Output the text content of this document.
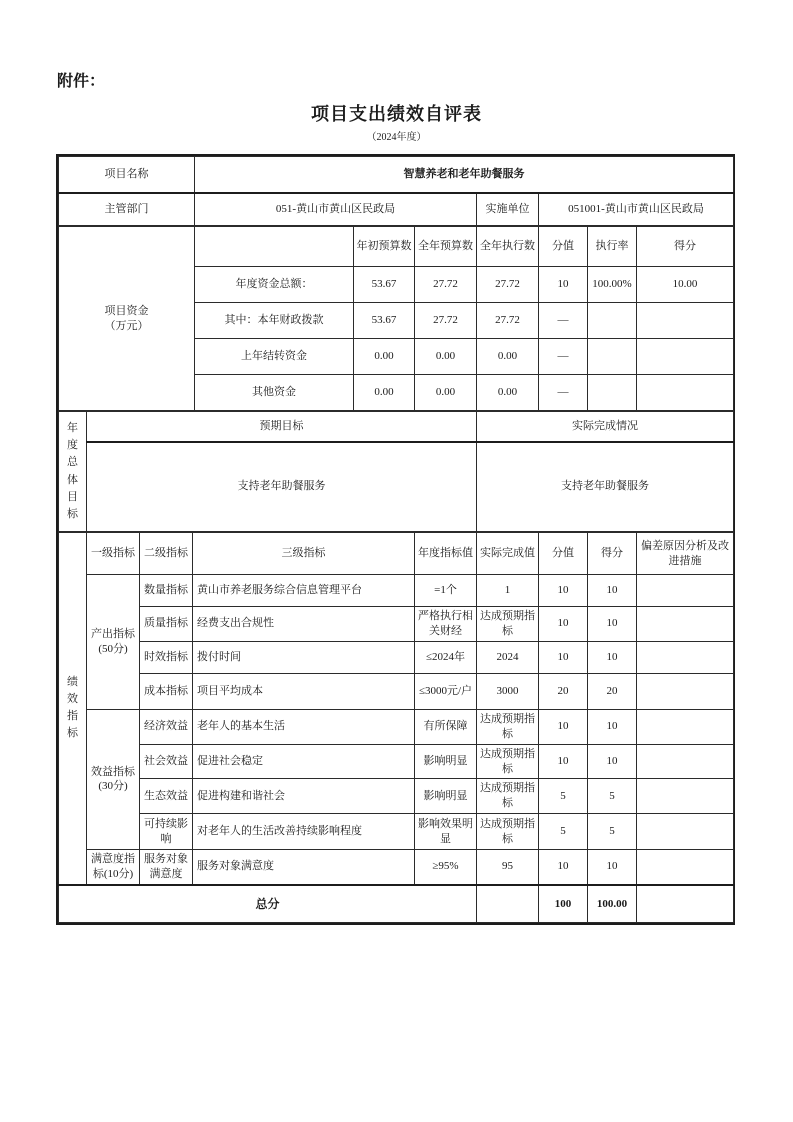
附件：
项目支出绩效自评表
（2024年度）
项目名称	智慧养老和老年助餐服务		
主管部门	051-黄山市黄山区民政局	实施单位	051001-黄山市黄山区民政局
项目资金
（万元）		年初预算数	全年预算数	全年执行数	分值	执行率	得分
	年度资金总额：	53.67	27.72	27.72	10	100.00%	10.00
	其中：本年财政拨款	53.67	27.72	27.72	—		
	上年结转资金	0.00	0.00	0.00	—		
	其他资金	0.00	0.00	0.00	—		
年度总体目标	预期目标	实际完成情况
	支持老年助餐服务	支持老年助餐服务
绩效指标	一级指标	二级指标	三级指标	年度指标值	实际完成值	分值	得分	偏差原因分析及改进措施
	产出指标(50分)	数量指标	黄山市养老服务综合信息管理平台	=1个	1	10	10	
		质量指标	经费支出合规性	严格执行相关财经	达成预期指标	10	10	
		时效指标	拨付时间	≤2024年	2024	10	10	
		成本指标	项目平均成本	≤3000元/户	3000	20	20	
	效益指标(30分)	经济效益	老年人的基本生活	有所保障	达成预期指标	10	10	
		社会效益	促进社会稳定	影响明显	达成预期指标	10	10	
		生态效益	促进构建和谐社会	影响明显	达成预期指标	5	5	
		可持续影响	对老年人的生活改善持续影响程度	影响效果明显	达成预期指标	5	5	
	满意度指标(10分)	服务对象满意度	服务对象满意度	≥95%	95	10	10	
总分						100	100.00	
